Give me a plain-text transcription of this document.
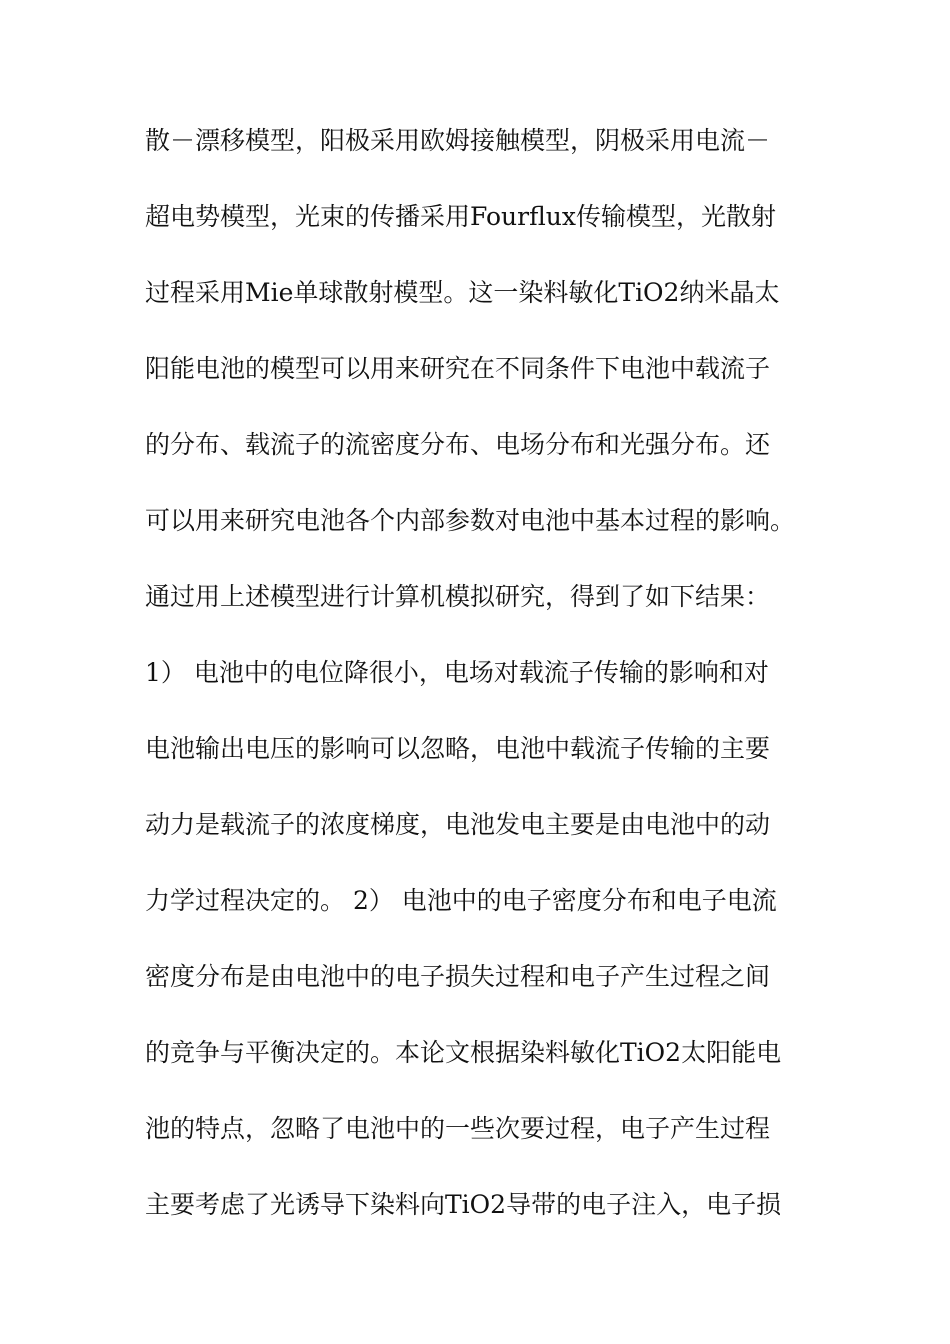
散－漂移模型，阳极采用欧姆接触模型，阴极采用电流－
超电势模型，光束的传播采用Fourflux传输模型，光散射
过程采用Mie单球散射模型。这一染料敏化TiO2纳米晶太
阳能电池的模型可以用来研究在不同条件下电池中载流子
的分布、载流子的流密度分布、电场分布和光强分布。还
可以用来研究电池各个内部参数对电池中基本过程的影响。
通过用上述模型进行计算机模拟研究，得到了如下结果：
1） 电池中的电位降很小，电场对载流子传输的影响和对
电池输出电压的影响可以忽略，电池中载流子传输的主要
动力是载流子的浓度梯度，电池发电主要是由电池中的动
力学过程决定的。 2） 电池中的电子密度分布和电子电流
密度分布是由电池中的电子损失过程和电子产生过程之间
的竞争与平衡决定的。本论文根据染料敏化TiO2太阳能电
池的特点，忽略了电池中的一些次要过程，电子产生过程
主要考虑了光诱导下染料向TiO2导带的电子注入，电子损
